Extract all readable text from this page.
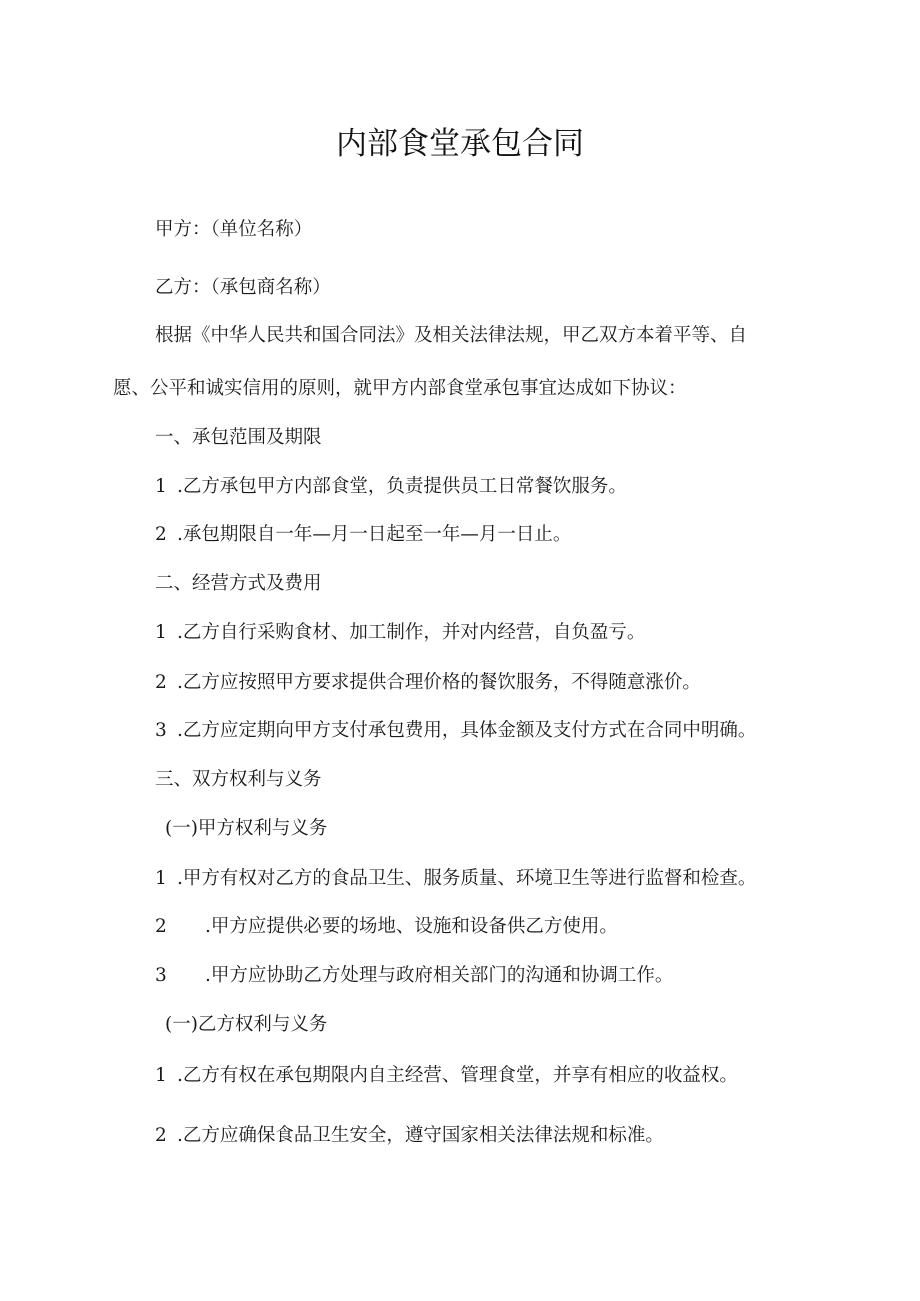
内部食堂承包合同
甲方：（单位名称）
乙方：（承包商名称）
根据《中华人民共和国合同法》及相关法律法规，甲乙双方本着平等、自
愿、公平和诚实信用的原则，就甲方内部食堂承包事宜达成如下协议：
一、承包范围及期限
1 .乙方承包甲方内部食堂，负责提供员工日常餐饮服务。
2 .承包期限自一年—月一日起至一年—月一日止。
二、经营方式及费用
1 .乙方自行采购食材、加工制作，并对内经营，自负盈亏。
2 .乙方应按照甲方要求提供合理价格的餐饮服务，不得随意涨价。
3 .乙方应定期向甲方支付承包费用，具体金额及支付方式在合同中明确。
三、双方权利与义务
(一)甲方权利与义务
1 .甲方有权对乙方的食品卫生、服务质量、环境卫生等进行监督和检查。
2 .甲方应提供必要的场地、设施和设备供乙方使用。
3 .甲方应协助乙方处理与政府相关部门的沟通和协调工作。
(一)乙方权利与义务
1 .乙方有权在承包期限内自主经营、管理食堂，并享有相应的收益权。
2 .乙方应确保食品卫生安全，遵守国家相关法律法规和标准。
